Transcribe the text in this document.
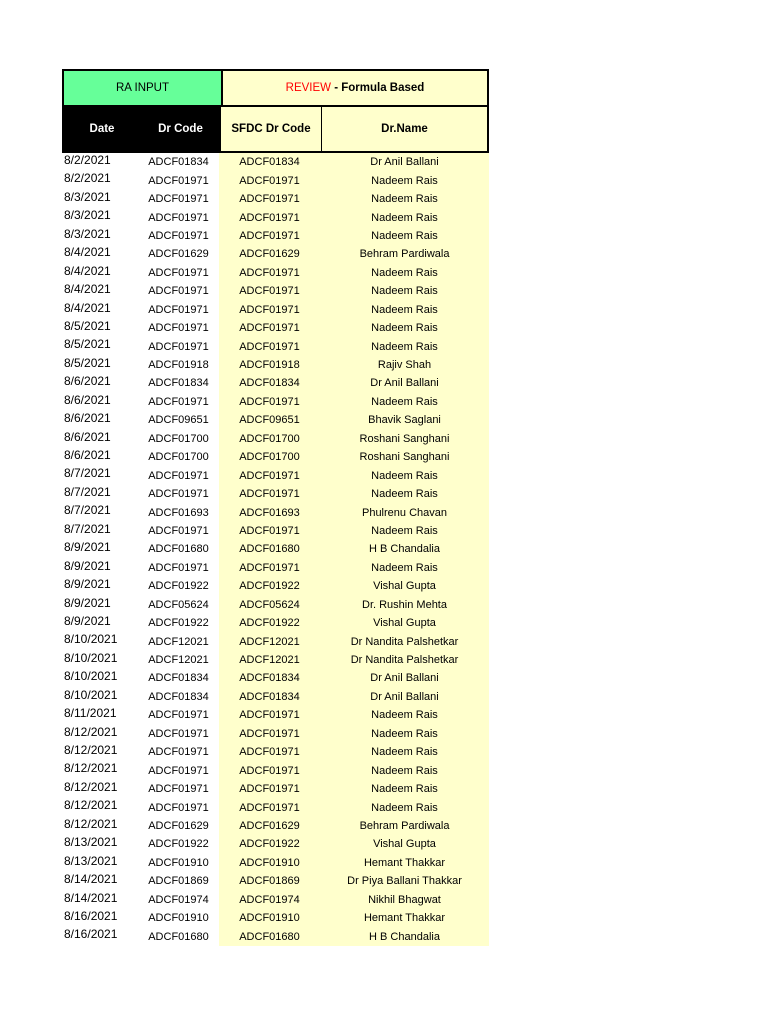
RA INPUT	REVIEW - Formula Based
Date	Dr Code	SFDC Dr Code	Dr.Name
8/2/2021	ADCF01834	ADCF01834	Dr Anil Ballani
8/2/2021	ADCF01971	ADCF01971	Nadeem Rais
8/3/2021	ADCF01971	ADCF01971	Nadeem Rais
8/3/2021	ADCF01971	ADCF01971	Nadeem Rais
8/3/2021	ADCF01971	ADCF01971	Nadeem Rais
8/4/2021	ADCF01629	ADCF01629	Behram Pardiwala
8/4/2021	ADCF01971	ADCF01971	Nadeem Rais
8/4/2021	ADCF01971	ADCF01971	Nadeem Rais
8/4/2021	ADCF01971	ADCF01971	Nadeem Rais
8/5/2021	ADCF01971	ADCF01971	Nadeem Rais
8/5/2021	ADCF01971	ADCF01971	Nadeem Rais
8/5/2021	ADCF01918	ADCF01918	Rajiv Shah
8/6/2021	ADCF01834	ADCF01834	Dr Anil Ballani
8/6/2021	ADCF01971	ADCF01971	Nadeem Rais
8/6/2021	ADCF09651	ADCF09651	Bhavik Saglani
8/6/2021	ADCF01700	ADCF01700	Roshani Sanghani
8/6/2021	ADCF01700	ADCF01700	Roshani Sanghani
8/7/2021	ADCF01971	ADCF01971	Nadeem Rais
8/7/2021	ADCF01971	ADCF01971	Nadeem Rais
8/7/2021	ADCF01693	ADCF01693	Phulrenu Chavan
8/7/2021	ADCF01971	ADCF01971	Nadeem Rais
8/9/2021	ADCF01680	ADCF01680	H B Chandalia
8/9/2021	ADCF01971	ADCF01971	Nadeem Rais
8/9/2021	ADCF01922	ADCF01922	Vishal Gupta
8/9/2021	ADCF05624	ADCF05624	Dr. Rushin Mehta
8/9/2021	ADCF01922	ADCF01922	Vishal Gupta
8/10/2021	ADCF12021	ADCF12021	Dr Nandita Palshetkar
8/10/2021	ADCF12021	ADCF12021	Dr Nandita Palshetkar
8/10/2021	ADCF01834	ADCF01834	Dr Anil Ballani
8/10/2021	ADCF01834	ADCF01834	Dr Anil Ballani
8/11/2021	ADCF01971	ADCF01971	Nadeem Rais
8/12/2021	ADCF01971	ADCF01971	Nadeem Rais
8/12/2021	ADCF01971	ADCF01971	Nadeem Rais
8/12/2021	ADCF01971	ADCF01971	Nadeem Rais
8/12/2021	ADCF01971	ADCF01971	Nadeem Rais
8/12/2021	ADCF01971	ADCF01971	Nadeem Rais
8/12/2021	ADCF01629	ADCF01629	Behram Pardiwala
8/13/2021	ADCF01922	ADCF01922	Vishal Gupta
8/13/2021	ADCF01910	ADCF01910	Hemant Thakkar
8/14/2021	ADCF01869	ADCF01869	Dr Piya Ballani Thakkar
8/14/2021	ADCF01974	ADCF01974	Nikhil Bhagwat
8/16/2021	ADCF01910	ADCF01910	Hemant Thakkar
8/16/2021	ADCF01680	ADCF01680	H B Chandalia
